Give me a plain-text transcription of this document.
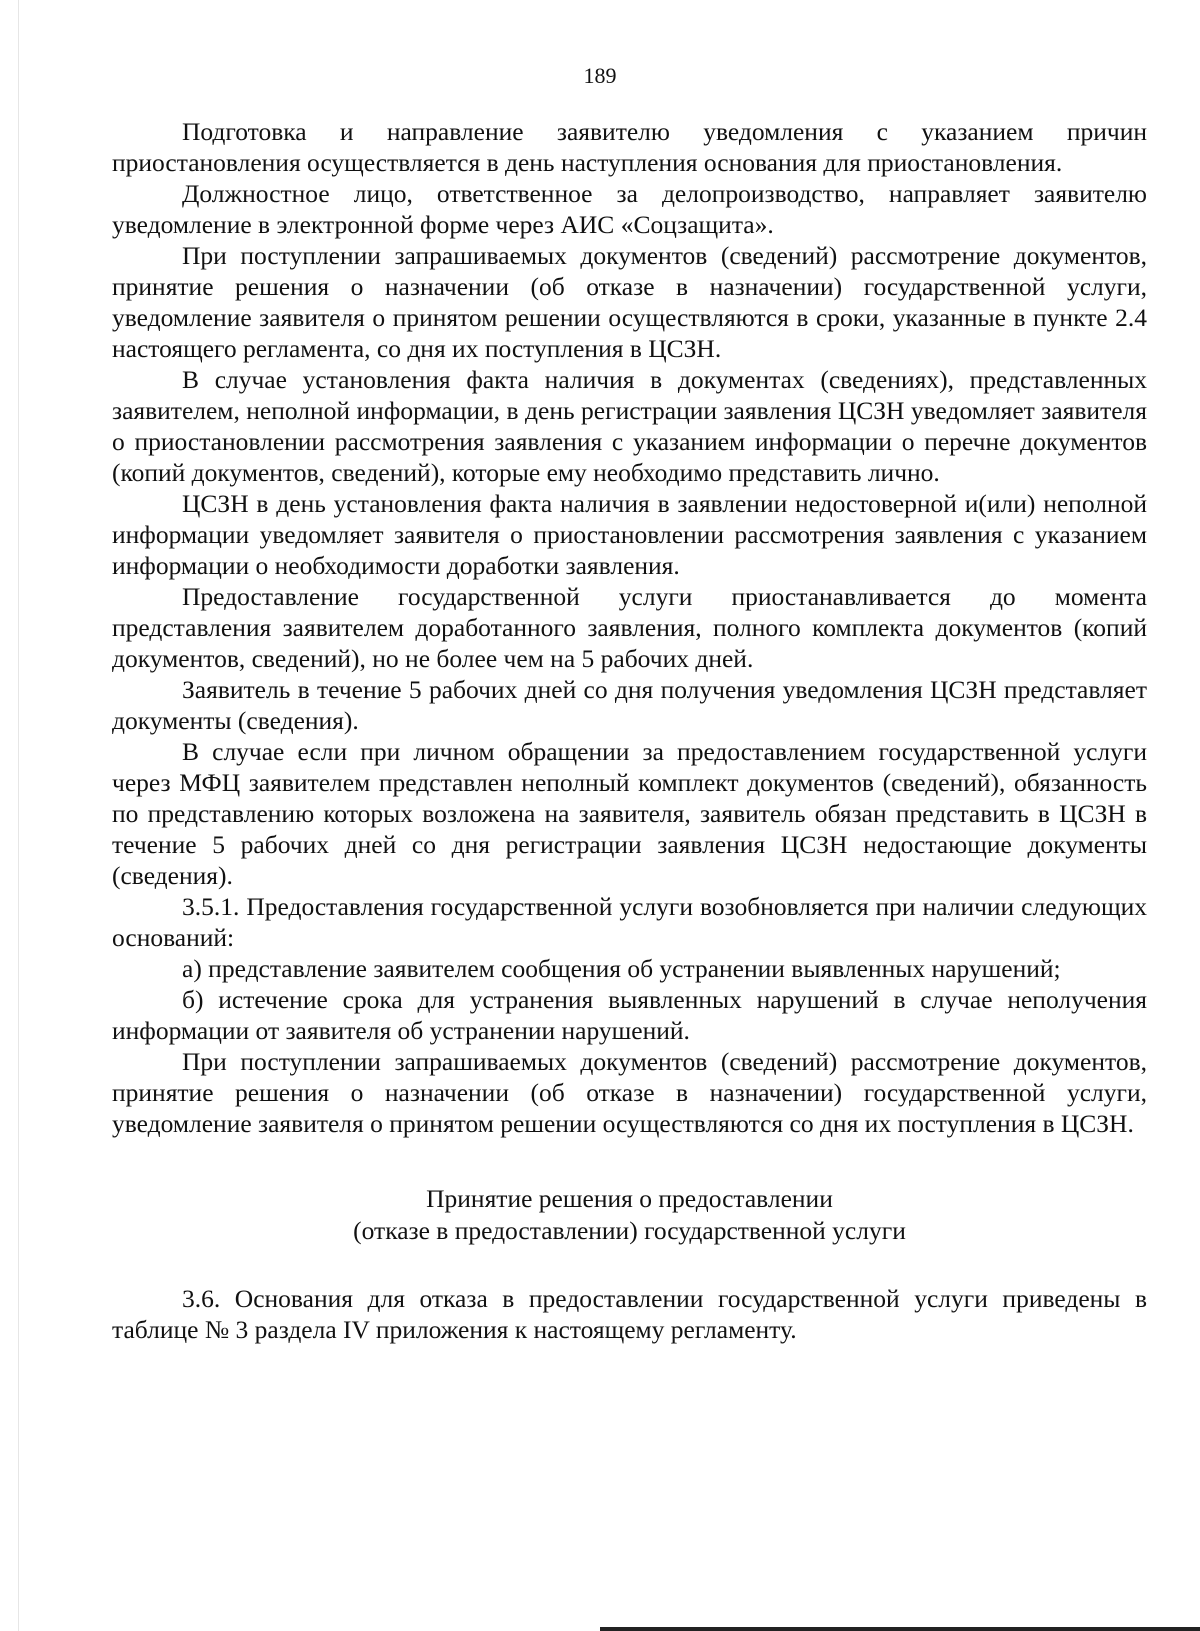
189

Подготовка и направление заявителю уведомления с указанием причин приостановления осуществляется в день наступления основания для приостановления.

Должностное лицо, ответственное за делопроизводство, направляет заявителю уведомление в электронной форме через АИС «Соцзащита».

При поступлении запрашиваемых документов (сведений) рассмотрение документов, принятие решения о назначении (об отказе в назначении) государственной услуги, уведомление заявителя о принятом решении осуществляются в сроки, указанные в пункте 2.4 настоящего регламента, со дня их поступления в ЦСЗН.

В случае установления факта наличия в документах (сведениях), представленных заявителем, неполной информации, в день регистрации заявления ЦСЗН уведомляет заявителя о приостановлении рассмотрения заявления с указанием информации о перечне документов (копий документов, сведений), которые ему необходимо представить лично.

ЦСЗН в день установления факта наличия в заявлении недостоверной и(или) неполной информации уведомляет заявителя о приостановлении рассмотрения заявления с указанием информации о необходимости доработки заявления.

Предоставление государственной услуги приостанавливается до момента представления заявителем доработанного заявления, полного комплекта документов (копий документов, сведений), но не более чем на 5 рабочих дней.

Заявитель в течение 5 рабочих дней со дня получения уведомления ЦСЗН представляет документы (сведения).

В случае если при личном обращении за предоставлением государственной услуги через МФЦ заявителем представлен неполный комплект документов (сведений), обязанность по представлению которых возложена на заявителя, заявитель обязан представить в ЦСЗН в течение 5 рабочих дней со дня регистрации заявления ЦСЗН недостающие документы (сведения).

3.5.1. Предоставления государственной услуги возобновляется при наличии следующих оснований:

а) представление заявителем сообщения об устранении выявленных нарушений;

б) истечение срока для устранения выявленных нарушений в случае неполучения информации от заявителя об устранении нарушений.

При поступлении запрашиваемых документов (сведений) рассмотрение документов, принятие решения о назначении (об отказе в назначении) государственной услуги, уведомление заявителя о принятом решении осуществляются со дня их поступления в ЦСЗН.

Принятие решения о предоставлении
(отказе в предоставлении) государственной услуги

3.6. Основания для отказа в предоставлении государственной услуги приведены в таблице № 3 раздела IV приложения к настоящему регламенту.
